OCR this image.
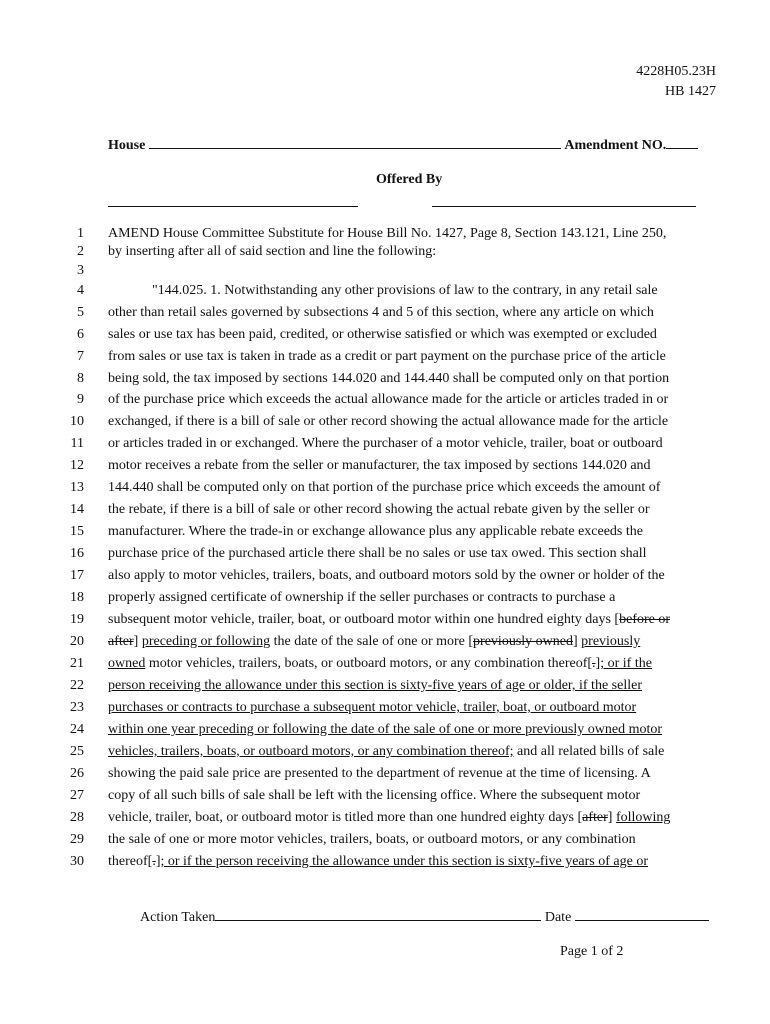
4228H05.23H
HB 1427
House	Amendment NO.
Offered By
1
2
3
4
5
6
7
8
9
10
11
12
13
14
15
16
17
18
19
20
21
22
23
24
25
26
27
28
29
30
AMEND House Committee Substitute for House Bill No. 1427, Page 8, Section 143.121, Line 250,
by inserting after all of said section and line the following:
"144.025. 1. Notwithstanding any other provisions of law to the contrary, in any retail sale
other than retail sales governed by subsections 4 and 5 of this section, where any article on which
sales or use tax has been paid, credited, or otherwise satisfied or which was exempted or excluded
from sales or use tax is taken in trade as a credit or part payment on the purchase price of the article
being sold, the tax imposed by sections 144.020 and 144.440 shall be computed only on that portion
of the purchase price which exceeds the actual allowance made for the article or articles traded in or
exchanged, if there is a bill of sale or other record showing the actual allowance made for the article
or articles traded in or exchanged. Where the purchaser of a motor vehicle, trailer, boat or outboard
motor receives a rebate from the seller or manufacturer, the tax imposed by sections 144.020 and
144.440 shall be computed only on that portion of the purchase price which exceeds the amount of
the rebate, if there is a bill of sale or other record showing the actual rebate given by the seller or
manufacturer. Where the trade-in or exchange allowance plus any applicable rebate exceeds the
purchase price of the purchased article there shall be no sales or use tax owed. This section shall
also apply to motor vehicles, trailers, boats, and outboard motors sold by the owner or holder of the
properly assigned certificate of ownership if the seller purchases or contracts to purchase a
subsequent motor vehicle, trailer, boat, or outboard motor within one hundred eighty days [before or
after] preceding or following the date of the sale of one or more [previously owned] previously
owned motor vehicles, trailers, boats, or outboard motors, or any combination thereof[.]; or if the
person receiving the allowance under this section is sixty-five years of age or older, if the seller
purchases or contracts to purchase a subsequent motor vehicle, trailer, boat, or outboard motor
within one year preceding or following the date of the sale of one or more previously owned motor
vehicles, trailers, boats, or outboard motors, or any combination thereof; and all related bills of sale
showing the paid sale price are presented to the department of revenue at the time of licensing. A
copy of all such bills of sale shall be left with the licensing office. Where the subsequent motor
vehicle, trailer, boat, or outboard motor is titled more than one hundred eighty days [after] following
the sale of one or more motor vehicles, trailers, boats, or outboard motors, or any combination
thereof[.]; or if the person receiving the allowance under this section is sixty-five years of age or
Action Taken	Date
Page 1 of 2
